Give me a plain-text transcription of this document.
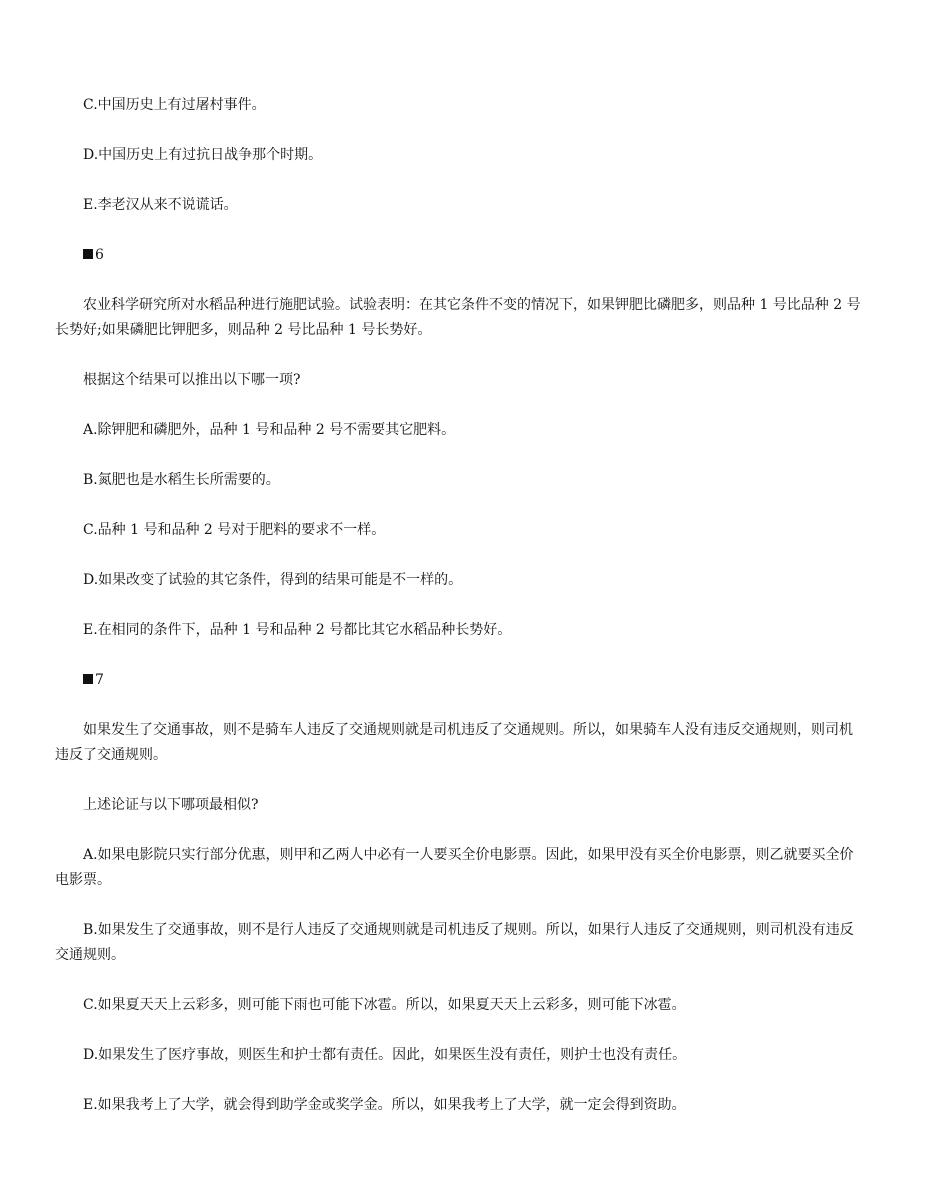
C.中国历史上有过屠村事件。

D.中国历史上有过抗日战争那个时期。

E.李老汉从来不说谎话。

6

农业科学研究所对水稻品种进行施肥试验。试验表明：在其它条件不变的情况下，如果钾肥比磷肥多，则品种 1 号比品种 2 号长势好;如果磷肥比钾肥多，则品种 2 号比品种 1 号长势好。

根据这个结果可以推出以下哪一项?

A.除钾肥和磷肥外，品种 1 号和品种 2 号不需要其它肥料。

B.氮肥也是水稻生长所需要的。

C.品种 1 号和品种 2 号对于肥料的要求不一样。

D.如果改变了试验的其它条件，得到的结果可能是不一样的。

E.在相同的条件下，品种 1 号和品种 2 号都比其它水稻品种长势好。

7

如果发生了交通事故，则不是骑车人违反了交通规则就是司机违反了交通规则。所以，如果骑车人没有违反交通规则，则司机违反了交通规则。

上述论证与以下哪项最相似?

A.如果电影院只实行部分优惠，则甲和乙两人中必有一人要买全价电影票。因此，如果甲没有买全价电影票，则乙就要买全价电影票。

B.如果发生了交通事故，则不是行人违反了交通规则就是司机违反了规则。所以，如果行人违反了交通规则，则司机没有违反交通规则。

C.如果夏天天上云彩多，则可能下雨也可能下冰雹。所以，如果夏天天上云彩多，则可能下冰雹。

D.如果发生了医疗事故，则医生和护士都有责任。因此，如果医生没有责任，则护士也没有责任。

E.如果我考上了大学，就会得到助学金或奖学金。所以，如果我考上了大学，就一定会得到资助。
